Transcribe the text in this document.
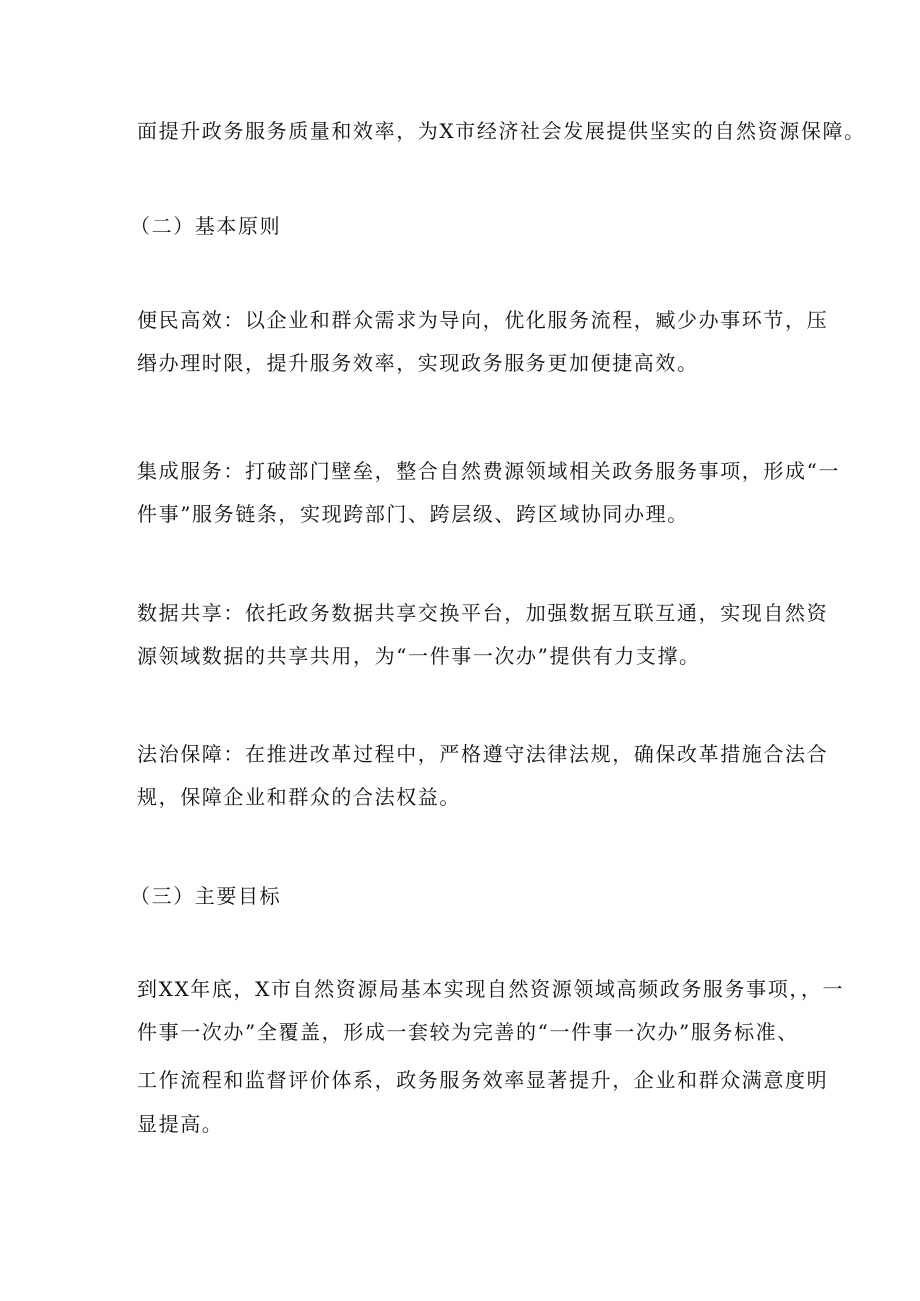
面提升政务服务质量和效率，为X市经济社会发展提供坚实的自然资源保障。
（二）基本原则
便民高效：以企业和群众需求为导向，优化服务流程，臧少办事环节，压
缗办理时限，提升服务效率，实现政务服务更加便捷高效。
集成服务：打破部门壁垒，整合自然费源领域相关政务服务事项，形成“一
件事”服务链条，实现跨部门、跨层级、跨区域协同办理。
数据共享：依托政务数据共享交换平台，加强数据互联互通，实现自然资
源领域数据的共享共用，为“一件事一次办”提供有力支撑。
法治保障：在推进改革过程中，严格遵守法律法规，确保改革措施合法合
规，保障企业和群众的合法权益。
（三）主要目标
到XX年底，X市自然资源局基本实现自然资源领域高频政务服务事项，，一
件事一次办”全覆盖，形成一套较为完善的“一件事一次办”服务标准、
工作流程和监督评价体系，政务服务效率显著提升，企业和群众满意度明
显提高。
